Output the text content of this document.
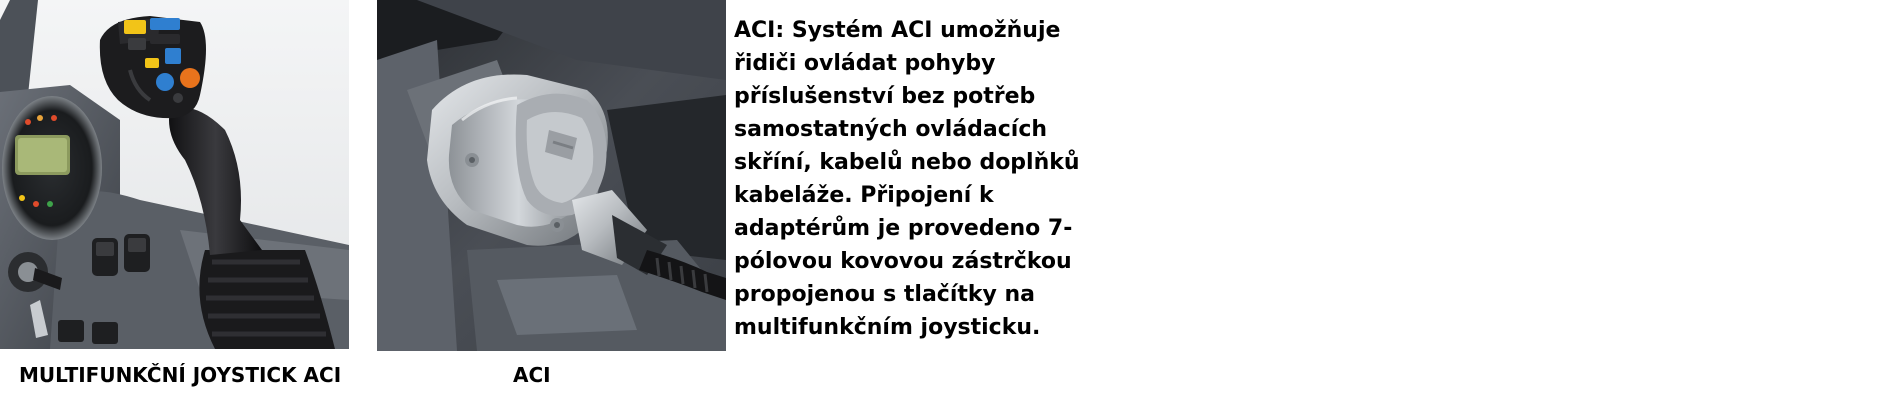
MULTIFUNKČNÍ JOYSTICK ACI	ACI

ACI: Systém ACI umožňuje
řidiči ovládat pohyby
příslušenství bez potřeb
samostatných ovládacích
skříní, kabelů nebo doplňků
kabeláže. Připojení k
adaptérům je provedeno 7-
pólovou kovovou zástrčkou
propojenou s tlačítky na
multifunkčním joysticku.
